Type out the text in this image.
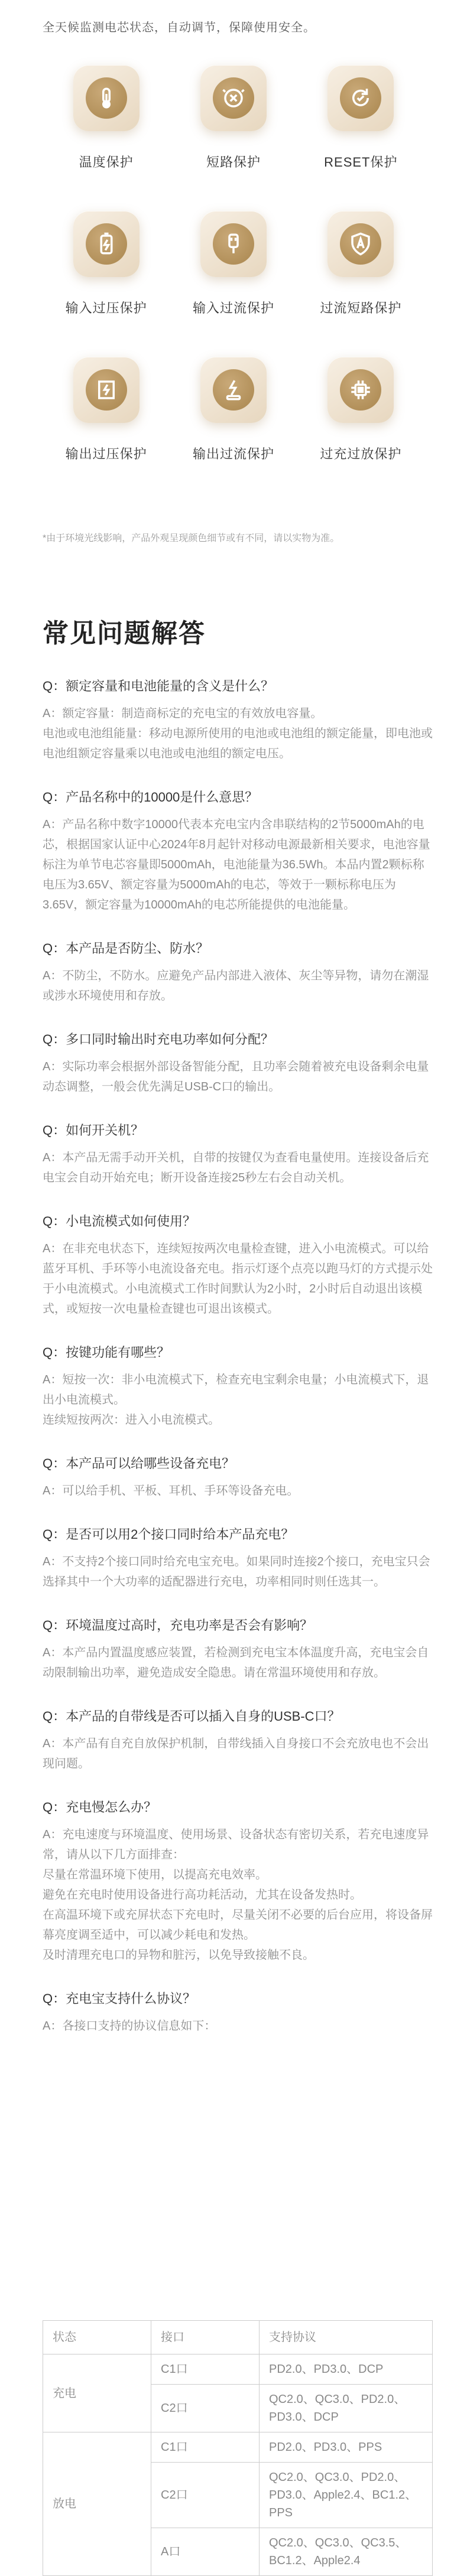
全天候监测电芯状态，自动调节，保障使用安全。
温度保护	短路保护	RESET保护
输入过压保护	输入过流保护	过流短路保护
输出过压保护	输出过流保护	过充过放保护
*由于环境光线影响，产品外观呈现颜色细节或有不同，请以实物为准。
常见问题解答
Q：额定容量和电池能量的含义是什么？

A：额定容量：制造商标定的充电宝的有效放电容量。

电池或电池组能量：移动电源所使用的电池或电池组的额定能量，即电池或电池组额定容量乘以电池或电池组的额定电压。

Q：产品名称中的10000是什么意思？

A：产品名称中数字10000代表本充电宝内含串联结构的2节5000mAh的电芯，根据国家认证中心2024年8月起针对移动电源最新相关要求，电池容量标注为单节电芯容量即5000mAh，电池能量为36.5Wh。本品内置2颗标称电压为3.65V、额定容量为5000mAh的电芯，等效于一颗标称电压为3.65V，额定容量为10000mAh的电芯所能提供的电池能量。

Q：本产品是否防尘、防水？

A：不防尘，不防水。应避免产品内部进入液体、灰尘等异物，请勿在潮湿或涉水环境使用和存放。

Q：多口同时输出时充电功率如何分配？

A：实际功率会根据外部设备智能分配，且功率会随着被充电设备剩余电量动态调整，一般会优先满足USB-C口的输出。

Q：如何开关机？

A：本产品无需手动开关机，自带的按键仅为查看电量使用。连接设备后充电宝会自动开始充电；断开设备连接25秒左右会自动关机。

Q：小电流模式如何使用？

A：在非充电状态下，连续短按两次电量检查键，进入小电流模式。可以给蓝牙耳机、手环等小电流设备充电。指示灯逐个点亮以跑马灯的方式提示处于小电流模式。小电流模式工作时间默认为2小时，2小时后自动退出该模式，或短按一次电量检查键也可退出该模式。

Q：按键功能有哪些？

A：短按一次：非小电流模式下，检查充电宝剩余电量；小电流模式下，退出小电流模式。

连续短按两次：进入小电流模式。

Q：本产品可以给哪些设备充电？

A：可以给手机、平板、耳机、手环等设备充电。

Q：是否可以用2个接口同时给本产品充电？

A：不支持2个接口同时给充电宝充电。如果同时连接2个接口，充电宝只会选择其中一个大功率的适配器进行充电，功率相同时则任选其一。

Q：环境温度过高时，充电功率是否会有影响？

A：本产品内置温度感应装置，若检测到充电宝本体温度升高，充电宝会自动限制输出功率，避免造成安全隐患。请在常温环境使用和存放。

Q：本产品的自带线是否可以插入自身的USB-C口？

A：本产品有自充自放保护机制，自带线插入自身接口不会充放电也不会出现问题。

Q：充电慢怎么办？

A：充电速度与环境温度、使用场景、设备状态有密切关系，若充电速度异常，请从以下几方面排查：

尽量在常温环境下使用，以提高充电效率。

避免在充电时使用设备进行高功耗活动，尤其在设备发热时。

在高温环境下或充屏状态下充电时，尽量关闭不必要的后台应用，将设备屏幕亮度调至适中，可以减少耗电和发热。

及时清理充电口的异物和脏污，以免导致接触不良。

Q：充电宝支持什么协议？

A：各接口支持的协议信息如下：

状态	接口	支持协议
充电	C1口	PD2.0、PD3.0、DCP
	C2口	QC2.0、QC3.0、PD2.0、PD3.0、DCP
放电	C1口	PD2.0、PD3.0、PPS
	C2口	QC2.0、QC3.0、PD2.0、PD3.0、Apple2.4、BC1.2、PPS
	A口	QC2.0、QC3.0、QC3.5、BC1.2、Apple2.4
